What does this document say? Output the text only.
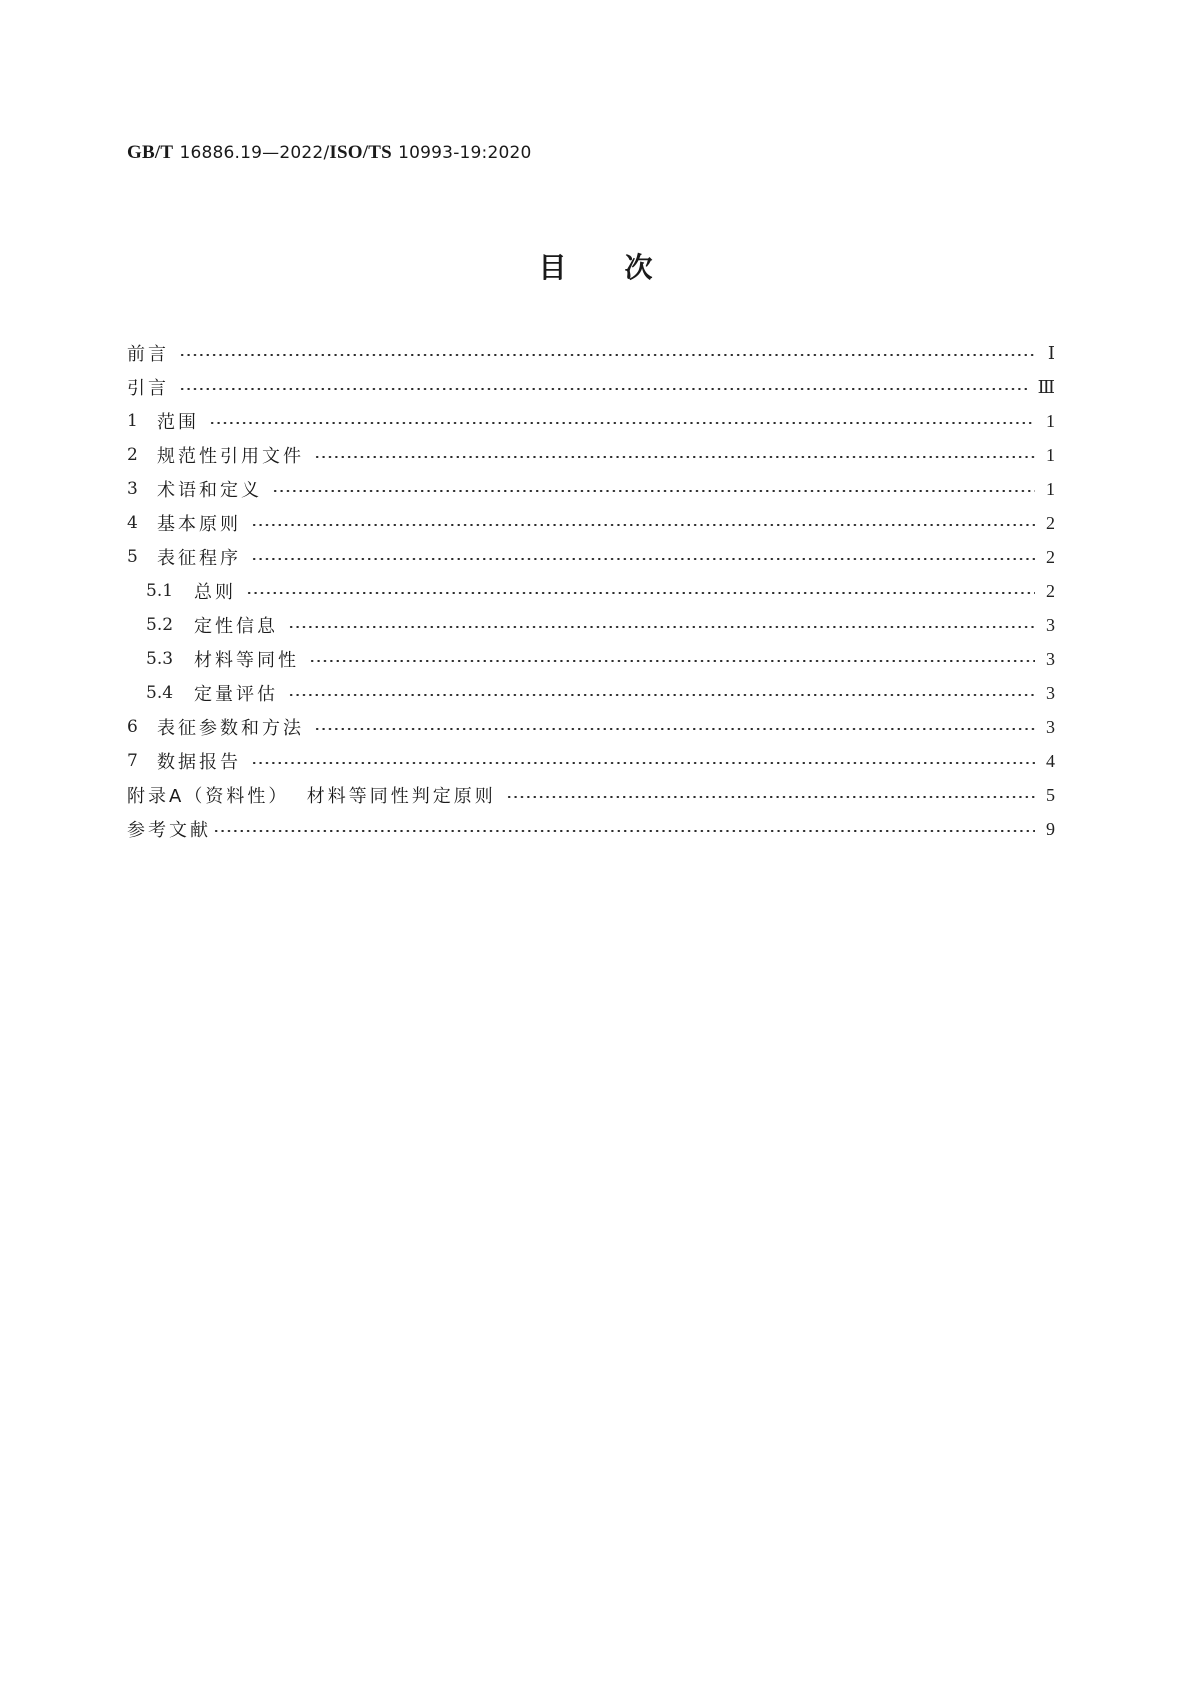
GB/T 16886.19—2022/ISO/TS 10993-19:2020
目次
前言	Ⅰ
引言	Ⅲ
1	范围	1
2	规范性引用文件	1
3	术语和定义	1
4	基本原则	2
5	表征程序	2
5.1	总则	2
5.2	定性信息	3
5.3	材料等同性	3
5.4	定量评估	3
6	表征参数和方法	3
7	数据报告	4
附录A（资料性）  材料等同性判定原则	5
参考文献	9
